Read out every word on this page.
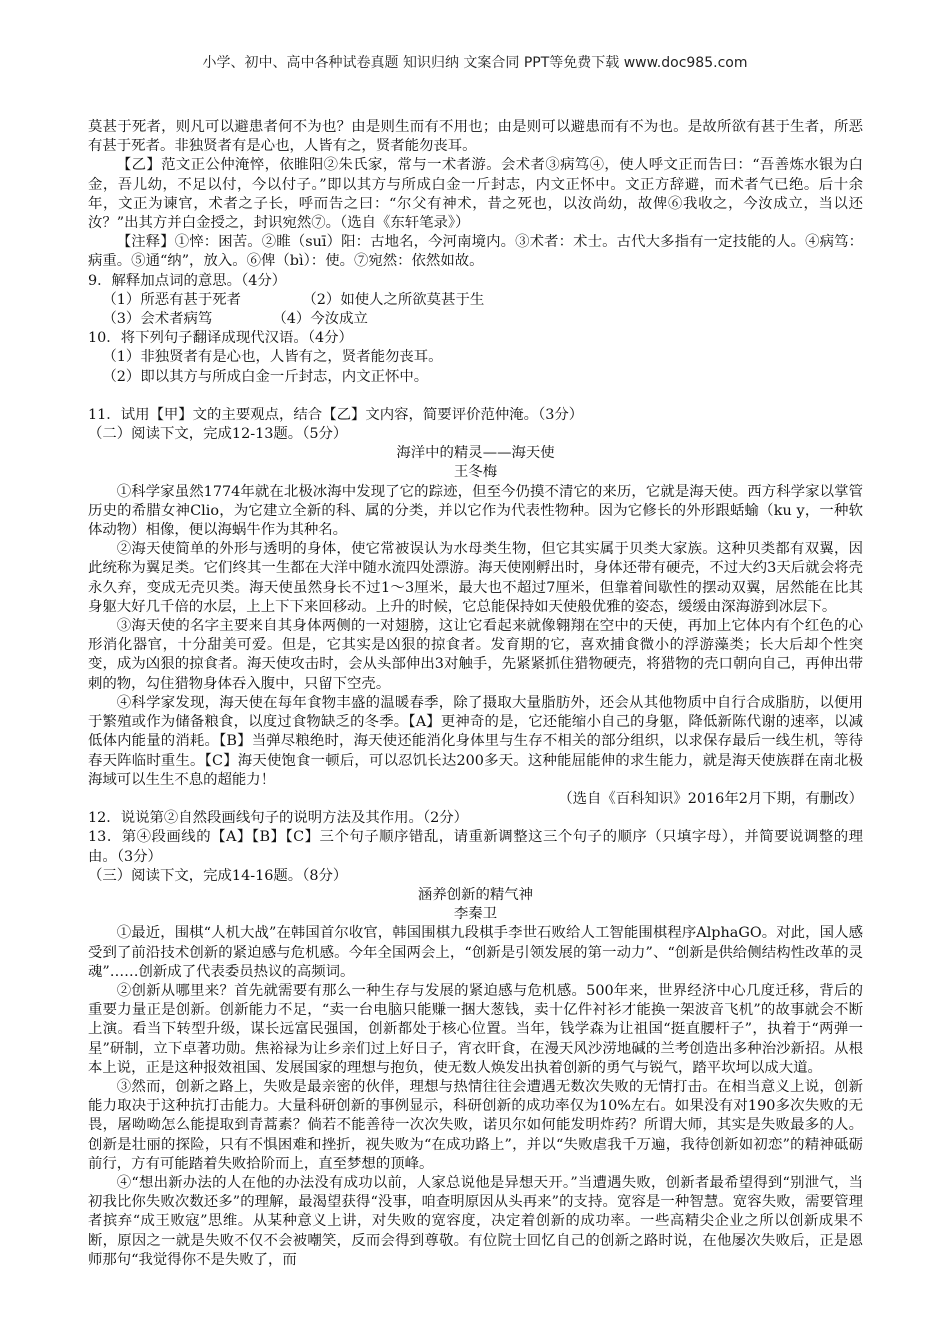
小学、初中、高中各种试卷真题 知识归纳 文案合同 PPT等免费下载 www.doc985.com

莫甚于死者，则凡可以避患者何不为也？由是则生而有不用也；由是则可以避患而有不为也。是故所欲有甚于生者，所恶有甚于死者。非独贤者有是心也，人皆有之，贤者能勿丧耳。

【乙】范文正公仲淹悴，依睢阳②朱氏家，常与一术者游。会术者③病笃④，使人呼文正而告曰：“吾善炼水银为白金，吾儿幼，不足以付，今以付子。”即以其方与所成白金一斤封志，内文正怀中。文正方辞避，而术者气已绝。后十余年，文正为谏官，术者之子长，呼而告之曰：“尔父有神术，昔之死也，以汝尚幼，故俾⑥我收之，今汝成立，当以还汝？”出其方并白金授之，封识宛然⑦。（选自《东轩笔录》）

【注释】①悴：困苦。②睢（suī）阳：古地名，今河南境内。③术者：术士。古代大多指有一定技能的人。④病笃：病重。⑤通“纳”，放入。⑥俾（bì）：使。⑦宛然：依然如故。

9．解释加点词的意思。（4分）

（1）所恶有甚于死者	（2）如使人之所欲莫甚于生
（3）会术者病笃	（4）今汝成立

10．将下列句子翻译成现代汉语。（4分）

（1）非独贤者有是心也，人皆有之，贤者能勿丧耳。

（2）即以其方与所成白金一斤封志，内文正怀中。

11．试用【甲】文的主要观点，结合【乙】文内容，简要评价范仲淹。（3分）

（二）阅读下文，完成12-13题。（5分）

海洋中的精灵——海天使

王冬梅

①科学家虽然1774年就在北极冰海中发现了它的踪迹，但至今仍摸不清它的来历，它就是海天使。西方科学家以掌管历史的希腊女神Clio，为它建立全新的科、属的分类，并以它作为代表性物种。因为它修长的外形跟蛞蝓（ku y，一种软体动物）相像，便以海蜗牛作为其种名。

②海天使简单的外形与透明的身体，使它常被误认为水母类生物，但它其实属于贝类大家族。这种贝类都有双翼，因此统称为翼足类。它们终其一生都在大洋中随水流四处漂游。海天使刚孵出时，身体还带有硬壳，不过大约3天后就会将壳永久弃，变成无壳贝类。海天使虽然身长不过1～3厘米，最大也不超过7厘米，但靠着间歇性的摆动双翼，居然能在比其身躯大好几千倍的水层，上上下下来回移动。上升的时候，它总能保持如天使般优雅的姿态，缓缓由深海游到冰层下。

③海天使的名字主要来自其身体两侧的一对翅膀，这让它看起来就像翱翔在空中的天使，再加上它体内有个红色的心形消化器官，十分甜美可爱。但是，它其实是凶狠的掠食者。发育期的它，喜欢捕食微小的浮游藻类；长大后却个性突变，成为凶狠的掠食者。海天使攻击时，会从头部伸出3对触手，先紧紧抓住猎物硬壳，将猎物的壳口朝向自己，再伸出带刺的物，勾住猎物身体吞入腹中，只留下空壳。

④科学家发现，海天使在每年食物丰盛的温暖春季，除了摄取大量脂肪外，还会从其他物质中自行合成脂肪，以便用于繁殖或作为储备粮食，以度过食物缺乏的冬季。【A】更神奇的是，它还能缩小自己的身躯，降低新陈代谢的速率，以减低体内能量的消耗。【B】当弹尽粮绝时，海天使还能消化身体里与生存不相关的部分组织，以求保存最后一线生机，等待春天阵临时重生。【C】海天使饱食一顿后，可以忍饥长达200多天。这种能屈能伸的求生能力，就是海天使族群在南北极海域可以生生不息的超能力！

（选自《百科知识》2016年2月下期，有删改）

12．说说第②自然段画线句子的说明方法及其作用。（2分）

13．第④段画线的【A】【B】【C】三个句子顺序错乱，请重新调整这三个句子的顺序（只填字母），并简要说调整的理由。（3分）

（三）阅读下文，完成14-16题。（8分）

涵养创新的精气神

李秦卫

①最近，围棋“人机大战”在韩国首尔收官，韩国围棋九段棋手李世石败给人工智能围棋程序AlphaGO。对此，国人感受到了前沿技术创新的紧迫感与危机感。今年全国两会上，“创新是引领发展的第一动力”、“创新是供给侧结构性改革的灵魂”……创新成了代表委员热议的高频词。

②创新从哪里来？首先就需要有那么一种生存与发展的紧迫感与危机感。500年来，世界经济中心几度迁移，背后的重要力量正是创新。创新能力不足，“卖一台电脑只能赚一捆大葱钱，卖十亿件衬衫才能换一架波音飞机”的故事就会不断上演。看当下转型升级，谋长远富民强国，创新都处于核心位置。当年，钱学森为让祖国“挺直腰杆子”，执着于“两弹一星”研制，立下卓著功勋。焦裕禄为让乡亲们过上好日子，宵衣旰食，在漫天风沙涝地碱的兰考创造出多种治沙新招。从根本上说，正是这种报效祖国、发展国家的理想与抱负，使无数人焕发出执着创新的勇气与锐气，踏平坎坷以成大道。

③然而，创新之路上，失败是最亲密的伙伴，理想与热情往往会遭遇无数次失败的无情打击。在相当意义上说，创新能力取决于这种抗打击能力。大量科研创新的事例显示，科研创新的成功率仅为10%左右。如果没有对190多次失败的无畏，屠呦呦怎么能提取到青蒿素？倘若不能善待一次次失败，诺贝尔如何能发明炸药？所谓大师，其实是失败最多的人。创新是壮丽的探险，只有不惧困难和挫折，视失败为“在成功路上”，并以“失败虐我千万遍，我待创新如初恋”的精神砥砺前行，方有可能踏着失败拾阶而上，直至梦想的顶峰。

④“想出新办法的人在他的办法没有成功以前，人家总说他是异想天开。”当遭遇失败，创新者最希望得到“别泄气，当初我比你失败次数还多”的理解，最渴望获得“没事，咱查明原因从头再来”的支持。宽容是一种智慧。宽容失败，需要管理者摈弃“成王败寇”思维。从某种意义上讲，对失败的宽容度，决定着创新的成功率。一些高精尖企业之所以创新成果不断，原因之一就是失败不仅不会被嘲笑，反而会得到尊敬。有位院士回忆自己的创新之路时说，在他屡次失败后，正是恩师那句“我觉得你不是失败了，而
